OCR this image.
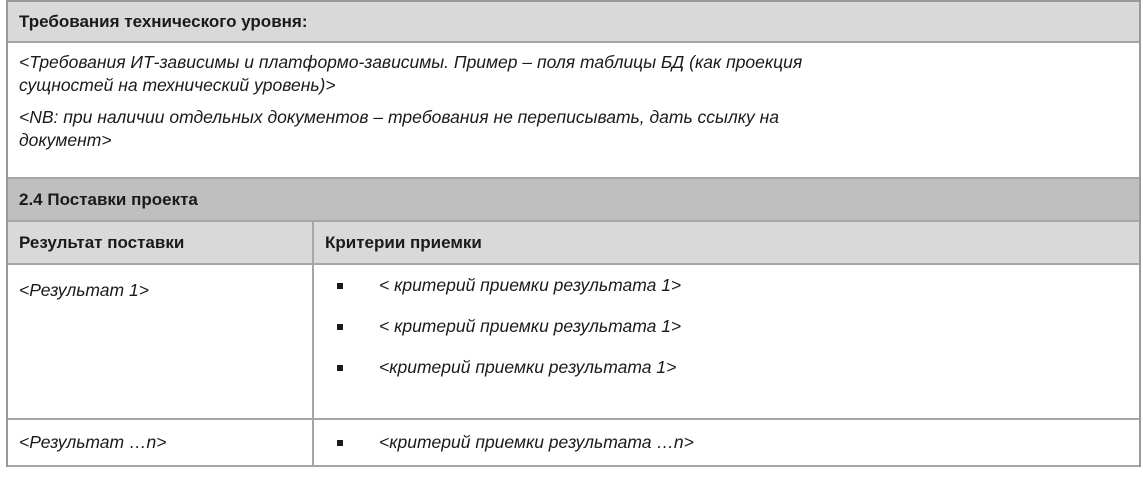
Требования технического уровня:
<Требования ИТ-зависимы и платформо-зависимы. Пример – поля таблицы БД (как проекция
сущностей на технический уровень)>
<NB: при наличии отдельных документов – требования не переписывать, дать ссылку на
документ>
2.4 Поставки проекта
Результат поставки	Критерии приемки
<Результат 1>	< критерий приемки результата 1>
< критерий приемки результата 1>
<критерий приемки результата 1>
<Результат …n>	<критерий приемки результата …n>
